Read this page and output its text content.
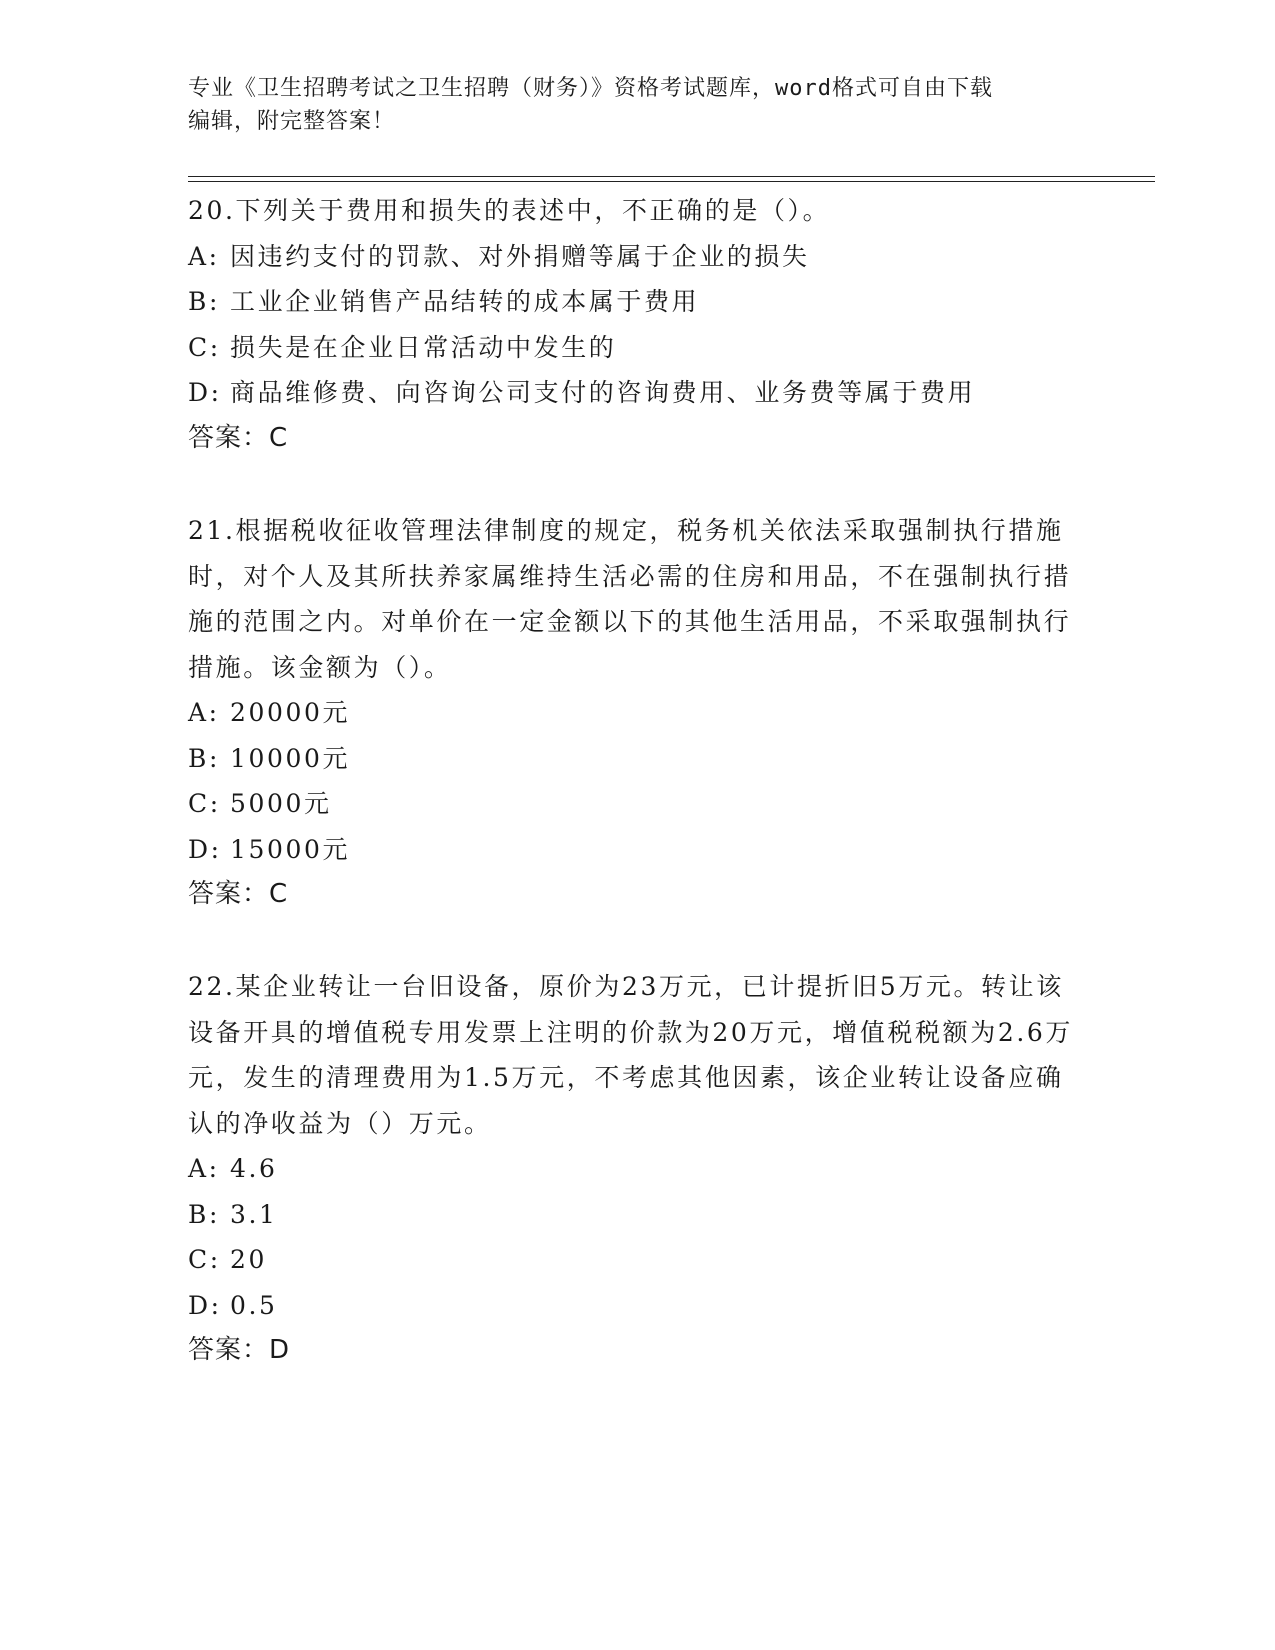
专业《卫生招聘考试之卫生招聘（财务）》资格考试题库，word格式可自由下载
编辑，附完整答案！

20.下列关于费用和损失的表述中，不正确的是（）。

A: 因违约支付的罚款、对外捐赠等属于企业的损失

B: 工业企业销售产品结转的成本属于费用

C: 损失是在企业日常活动中发生的

D: 商品维修费、向咨询公司支付的咨询费用、业务费等属于费用

答案：C

21.根据税收征收管理法律制度的规定，税务机关依法采取强制执行措施时，对个人及其所扶养家属维持生活必需的住房和用品，不在强制执行措施的范围之内。对单价在一定金额以下的其他生活用品，不采取强制执行措施。该金额为（）。

A: 20000元

B: 10000元

C: 5000元

D: 15000元

答案：C

22.某企业转让一台旧设备，原价为23万元，已计提折旧5万元。转让该设备开具的增值税专用发票上注明的价款为20万元，增值税税额为2.6万元，发生的清理费用为1.5万元，不考虑其他因素，该企业转让设备应确认的净收益为（）万元。

A: 4.6

B: 3.1

C: 20

D: 0.5

答案：D
